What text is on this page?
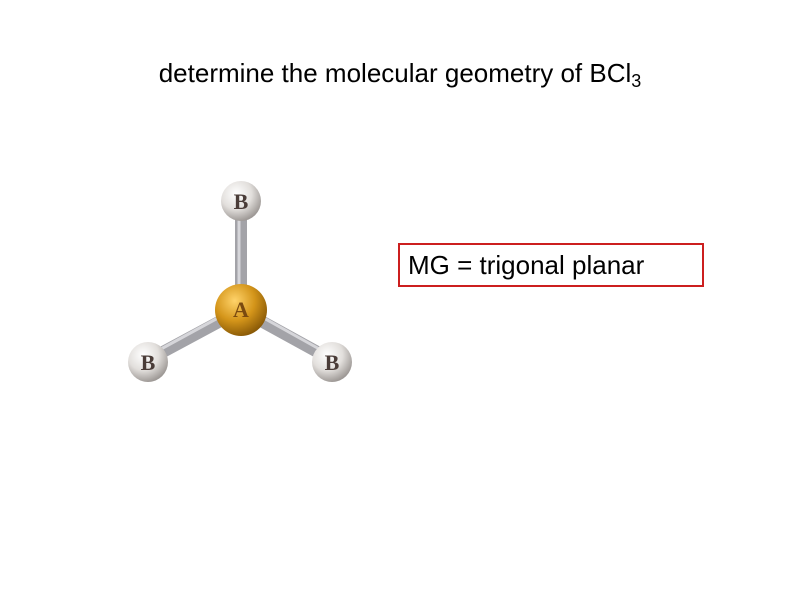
determine the molecular geometry of BCl$_3$
B
B	B
A
MG = trigonal planar
